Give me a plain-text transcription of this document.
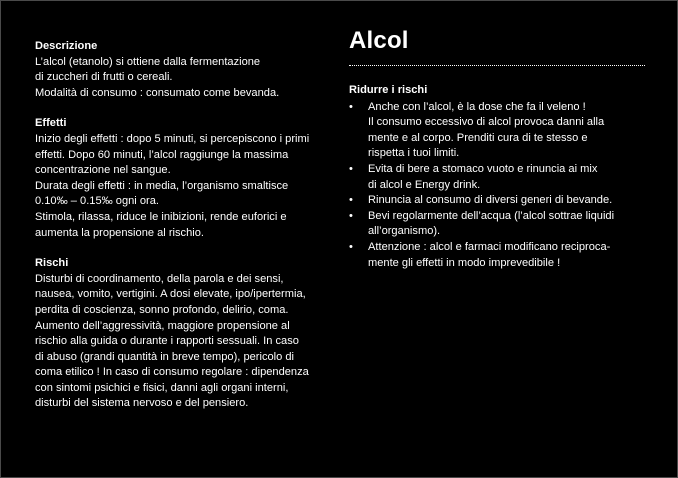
Descrizione

L’alcol (etanolo) si ottiene dalla fermentazione
di zuccheri di frutti o cereali.
Modalità di consumo : consumato come bevanda.

Effetti

Inizio degli effetti : dopo 5 minuti, si percepiscono i primi
effetti. Dopo 60 minuti, l’alcol raggiunge la massima
concentrazione nel sangue.
Durata degli effetti : in media, l’organismo smaltisce
0.10‰ – 0.15‰ ogni ora.
Stimola, rilassa, riduce le inibizioni, rende euforici e
aumenta la propensione al rischio.

Rischi

Disturbi di coordinamento, della parola e dei sensi,
nausea, vomito, vertigini. A dosi elevate, ipo/ipertermia,
perdita di coscienza, sonno profondo, delirio, coma.
Aumento dell’aggressività, maggiore propensione al
rischio alla guida o durante i rapporti sessuali. In caso
di abuso (grandi quantità in breve tempo), pericolo di
coma etilico ! In caso di consumo regolare : dipendenza
con sintomi psichici e fisici, danni agli organi interni,
disturbi del sistema nervoso e del pensiero.

Alcol
Ridurre i rischi
• Anche con l’alcol, è la dose che fa il veleno !
Il consumo eccessivo di alcol provoca danni alla
mente e al corpo. Prenditi cura di te stesso e
rispetta i tuoi limiti.
• Evita di bere a stomaco vuoto e rinuncia ai mix
di alcol e Energy drink.
• Rinuncia al consumo di diversi generi di bevande.
• Bevi regolarmente dell’acqua (l’alcol sottrae liquidi
all’organismo).
• Attenzione : alcol e farmaci modificano reciproca-
mente gli effetti in modo imprevedibile !
